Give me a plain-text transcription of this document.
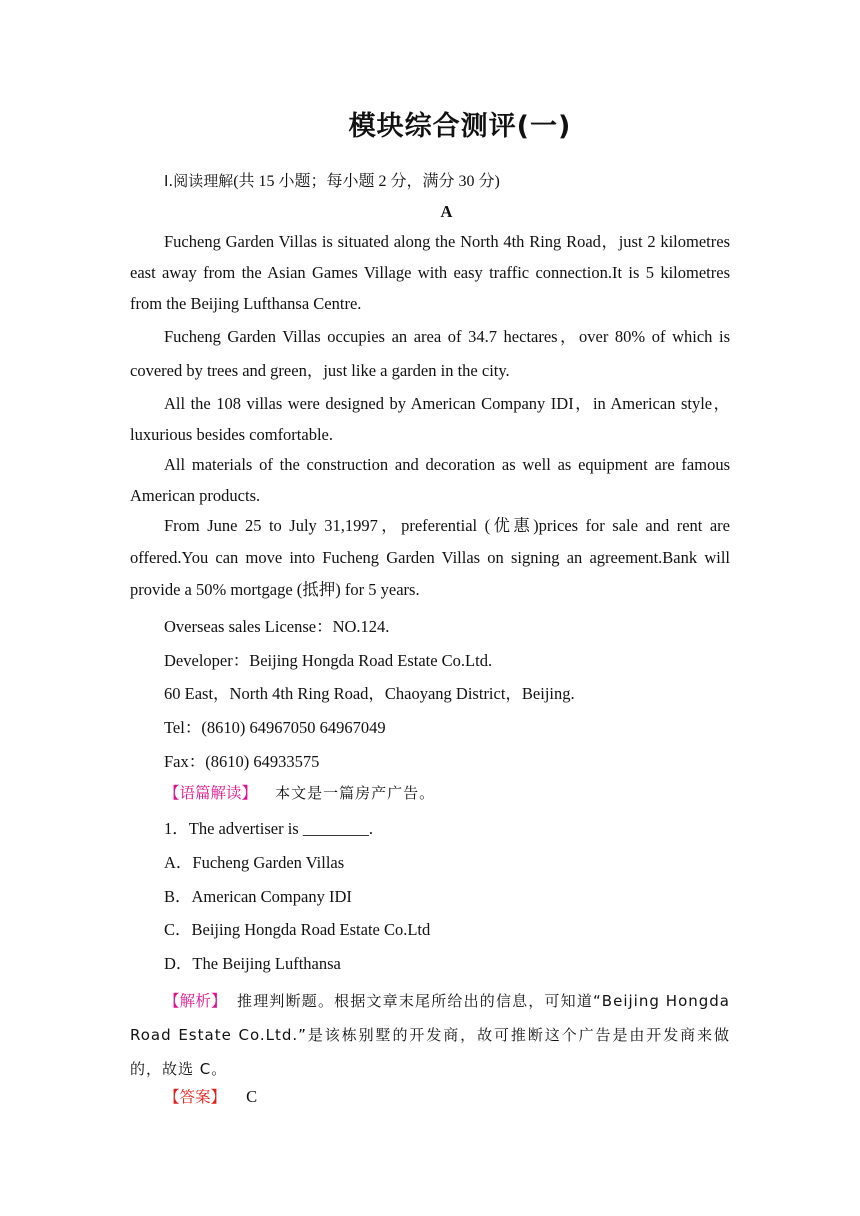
模块综合测评(一)
Ⅰ.阅读理解(共 15 小题；每小题 2 分，满分 30 分)
A
Fucheng Garden Villas is situated along the North 4th Ring Road，just 2 kilometres east away from the Asian Games Village with easy traffic connection.It is 5 kilometres from the Beijing Lufthansa Centre.
Fucheng Garden Villas occupies an area of 34.7 hectares，over 80% of which is covered by trees and green，just like a garden in the city.
All the 108 villas were designed by American Company IDI，in American style，luxurious besides comfortable.
All materials of the construction and decoration as well as equipment are famous American products.
From June 25 to July 31,1997，preferential (优惠)prices for sale and rent are offered.You can move into Fucheng Garden Villas on signing an agreement.Bank will provide a 50% mortgage (抵押) for 5 years.
Overseas sales License：NO.124.
Developer：Beijing Hongda Road Estate Co.Ltd.
60 East，North 4th Ring Road，Chaoyang District，Beijing.
Tel：(8610) 64967050 64967049
Fax：(8610) 64933575
【语篇解读】 本文是一篇房产广告。
1．The advertiser is ________.
A．Fucheng Garden Villas
B．American Company IDI
C．Beijing Hongda Road Estate Co.Ltd
D．The Beijing Lufthansa
【解析】 推理判断题。根据文章末尾所给出的信息，可知道“Beijing Hongda Road Estate Co.Ltd.”是该栋别墅的开发商，故可推断这个广告是由开发商来做的，故选 C。
【答案】 C
